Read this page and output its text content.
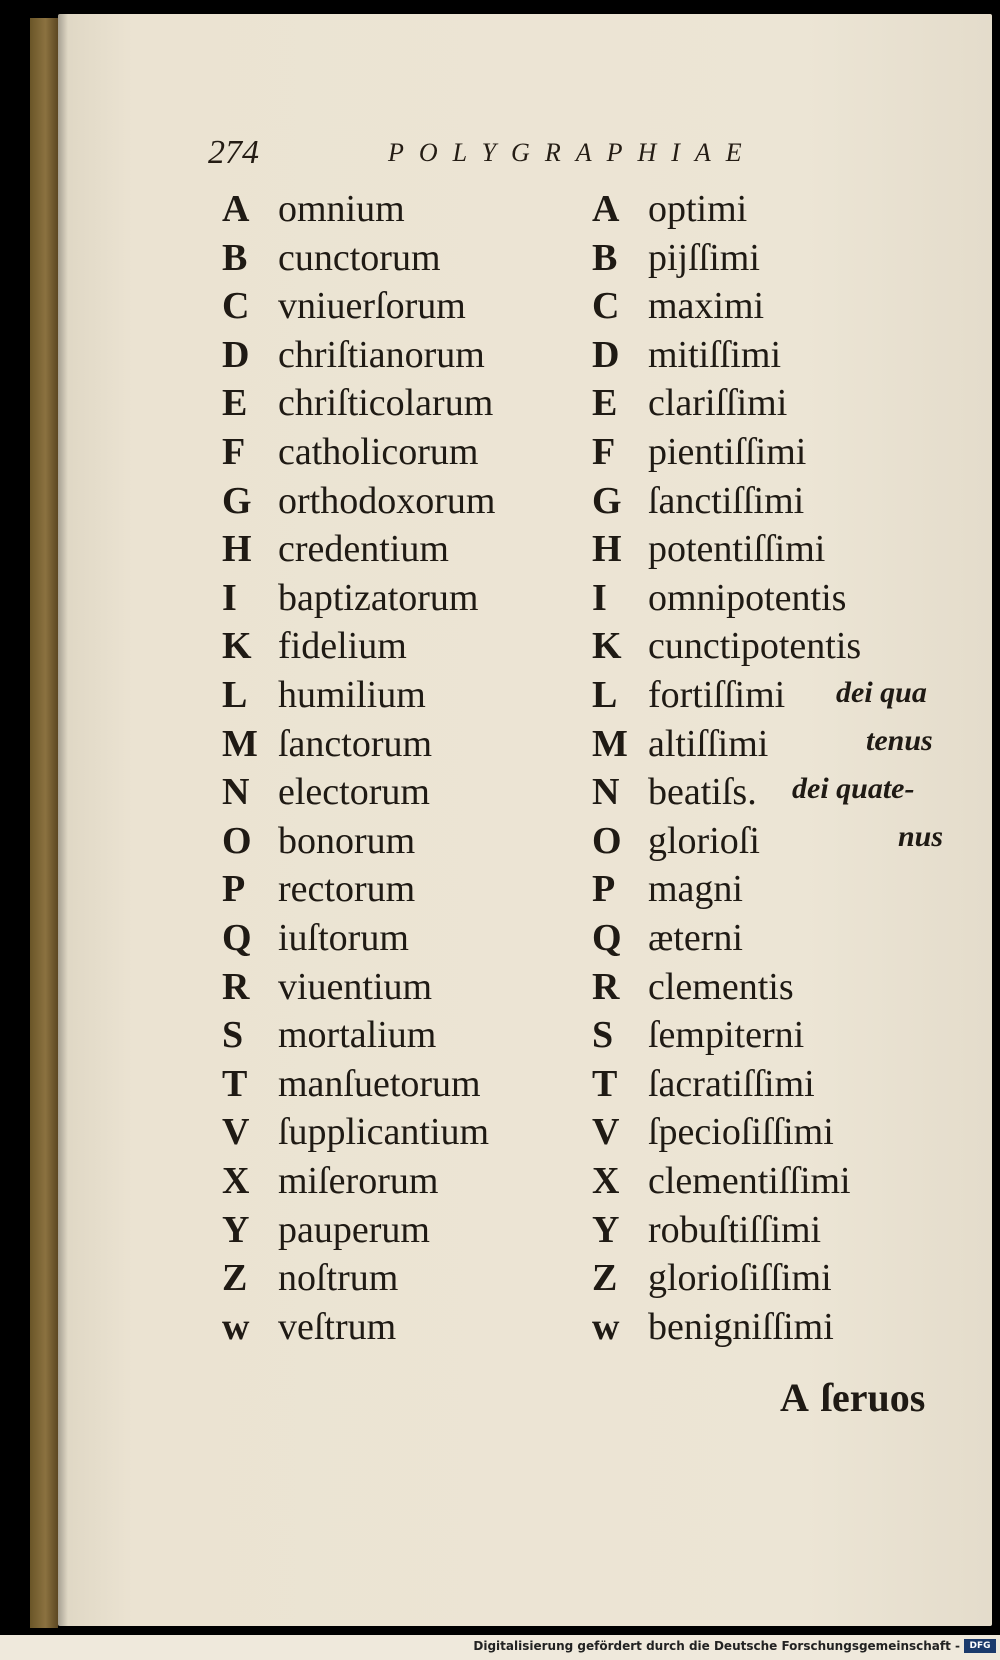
274	POLYGRAPHIAE
A omnium
B cunctorum
C vniuerſorum
D chriſtianorum
E chriſticolarum
F catholicorum
G orthodoxorum
H credentium
I baptizatorum
K fidelium
L humilium
M ſanctorum
N electorum
O bonorum
P rectorum
Q iuſtorum
R viuentium
S mortalium
T manſuetorum
V ſupplicantium
X miſerorum
Y pauperum
Z noſtrum
w veſtrum
A optimi
B pijſſimi
C maximi
D mitiſſimi
E clariſſimi
F pientiſſimi
G ſanctiſſimi
H potentiſſimi
I omnipotentis
K cunctipotentis
L fortiſſimi
M altiſſimi
N beatiſs.
O glorioſi
P magni
Q æterni
R clementis
S ſempiterni
T ſacratiſſimi
V ſpecioſiſſimi
X clementiſſimi
Y robuſtiſſimi
Z glorioſiſſimi
w benigniſſimi
dei qua
tenus
dei quate-
nus
A ſeruos
Digitalisierung gefördert durch die Deutsche Forschungsgemeinschaft -	DFG
